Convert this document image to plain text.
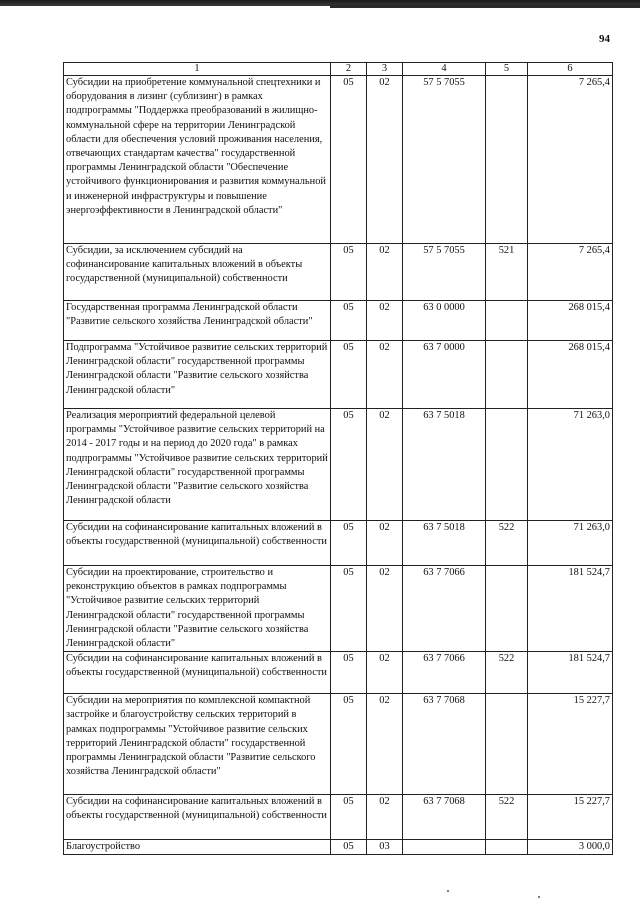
94
1	2	3	4	5	6
Субсидии на приобретение коммунальной спецтехники и оборудования в лизинг (сублизинг) в рамках подпрограммы "Поддержка преобразований в жилищно-коммунальной сфере на территории Ленинградской области для обеспечения условий проживания населения, отвечающих стандартам качества" государственной программы Ленинградской области "Обеспечение устойчивого функционирования и развития коммунальной и инженерной инфраструктуры и повышение энергоэффективности в Ленинградской области"	05	02	57 5 7055		7 265,4
Субсидии, за исключением субсидий на софинансирование капитальных вложений в объекты государственной (муниципальной) собственности	05	02	57 5 7055	521	7 265,4
Государственная программа Ленинградской области "Развитие сельского хозяйства Ленинградской области"	05	02	63 0 0000		268 015,4
Подпрограмма "Устойчивое развитие сельских территорий Ленинградской области" государственной программы Ленинградской области "Развитие сельского хозяйства Ленинградской области"	05	02	63 7 0000		268 015,4
Реализация мероприятий федеральной целевой программы "Устойчивое развитие сельских территорий на 2014 - 2017 годы и на период до 2020 года" в рамках подпрограммы "Устойчивое развитие сельских территорий Ленинградской области" государственной программы Ленинградской области "Развитие сельского хозяйства Ленинградской области	05	02	63 7 5018		71 263,0
Субсидии на софинансирование капитальных вложений в объекты государственной (муниципальной) собственности	05	02	63 7 5018	522	71 263,0
Субсидии на проектирование, строительство и реконструкцию объектов в рамках подпрограммы "Устойчивое развитие сельских территорий Ленинградской области" государственной программы Ленинградской области "Развитие сельского хозяйства Ленинградской области"	05	02	63 7 7066		181 524,7
Субсидии на софинансирование капитальных вложений в объекты государственной (муниципальной) собственности	05	02	63 7 7066	522	181 524,7
Субсидии на мероприятия по комплексной компактной застройке и благоустройству сельских территорий в рамках подпрограммы "Устойчивое развитие сельских территорий Ленинградской области" государственной программы Ленинградской области "Развитие сельского хозяйства Ленинградской области"	05	02	63 7 7068		15 227,7
Субсидии на софинансирование капитальных вложений в объекты государственной (муниципальной) собственности	05	02	63 7 7068	522	15 227,7
Благоустройство	05	03			3 000,0
